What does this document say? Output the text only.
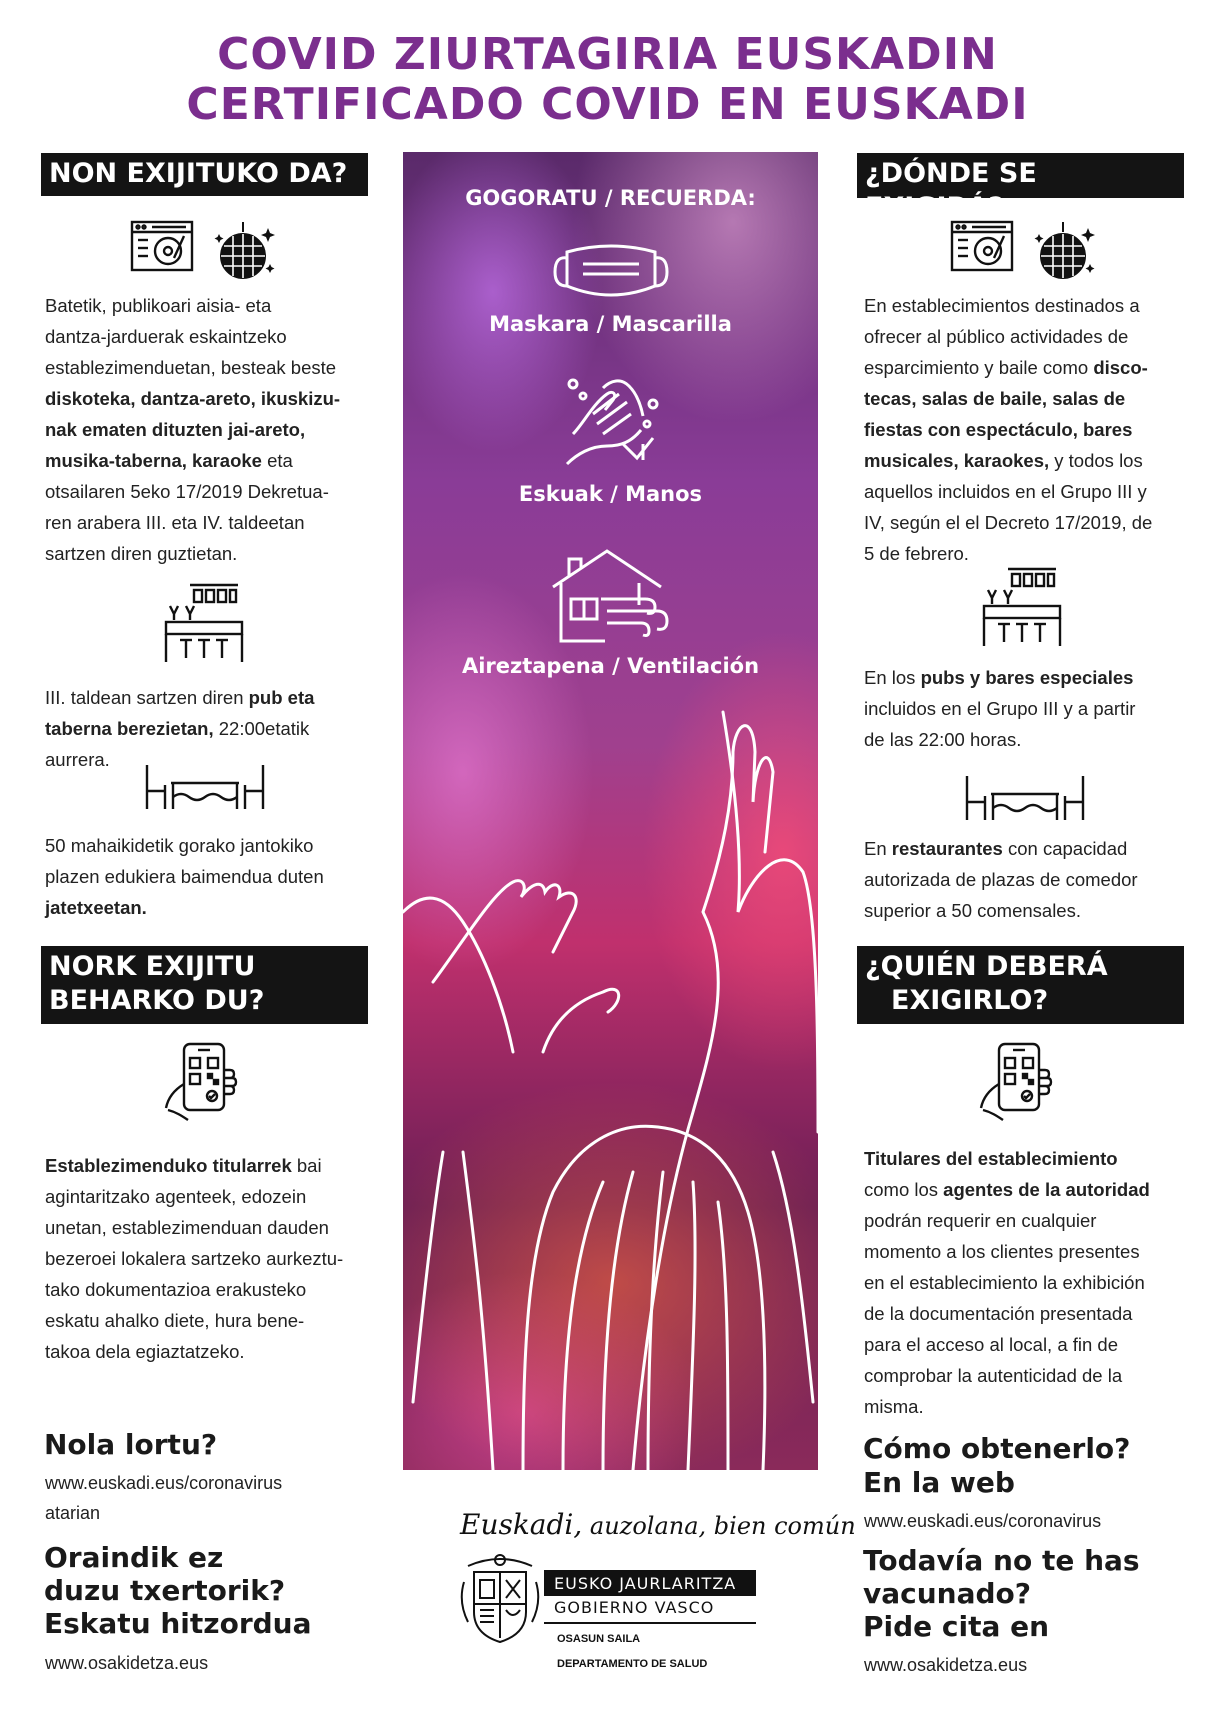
COVID ZIURTAGIRIA EUSKADIN
CERTIFICADO COVID EN EUSKADI
NON EXIJITUKO DA?
Batetik, publikoari aisia- eta
dantza-jarduerak eskaintzeko
establezimenduetan, besteak beste
diskoteka, dantza-areto, ikuskizu-
nak ematen dituzten jai-areto,
musika-taberna, karaoke eta
otsailaren 5eko 17/2019 Dekretua-
ren arabera III. eta IV. taldeetan
sartzen diren guztietan.
III. taldean sartzen diren pub eta
taberna berezietan, 22:00etatik
aurrera.
50 mahaikidetik gorako jantokiko
plazen edukiera baimendua duten
jatetxeetan.
NORK EXIJITU
BEHARKO DU?
Establezimenduko titularrek bai
agintaritzako agenteek, edozein
unetan, establezimenduan dauden
bezeroei lokalera sartzeko aurkeztu-
tako dokumentazioa erakusteko
eskatu ahalko diete, hura bene-
takoa dela egiaztatzeko.
Nola lortu?
www.euskadi.eus/coronavirus
atarian
Oraindik ez
duzu txertorik?
Eskatu hitzordua
www.osakidetza.eus
GOGORATU / RECUERDA:
Maskara / Mascarilla
Eskuak / Manos
Aireztapena / Ventilación
Euskadi, auzolana, bien común
EUSKO JAURLARITZA
GOBIERNO VASCO
OSASUN SAILA
DEPARTAMENTO DE SALUD
¿DÓNDE SE EXIGIRÁ?
En establecimientos destinados a
ofrecer al público actividades de
esparcimiento y baile como disco-
tecas, salas de baile, salas de
fiestas con espectáculo, bares
musicales, karaokes, y todos los
aquellos incluidos en el Grupo III y
IV, según el el Decreto 17/2019, de
5 de febrero.
En los pubs y bares especiales
incluidos en el Grupo III y a partir
de las 22:00 horas.
En restaurantes con capacidad
autorizada de plazas de comedor
superior a 50 comensales.
¿QUIÉN DEBERÁ
EXIGIRLO?
Titulares del establecimiento
como los agentes de la autoridad
podrán requerir en cualquier
momento a los clientes presentes
en el establecimiento la exhibición
de la documentación presentada
para el acceso al local, a fin de
comprobar la autenticidad de la
misma.
Cómo obtenerlo?
En la web
www.euskadi.eus/coronavirus
Todavía no te has
vacunado?
Pide cita en
www.osakidetza.eus
